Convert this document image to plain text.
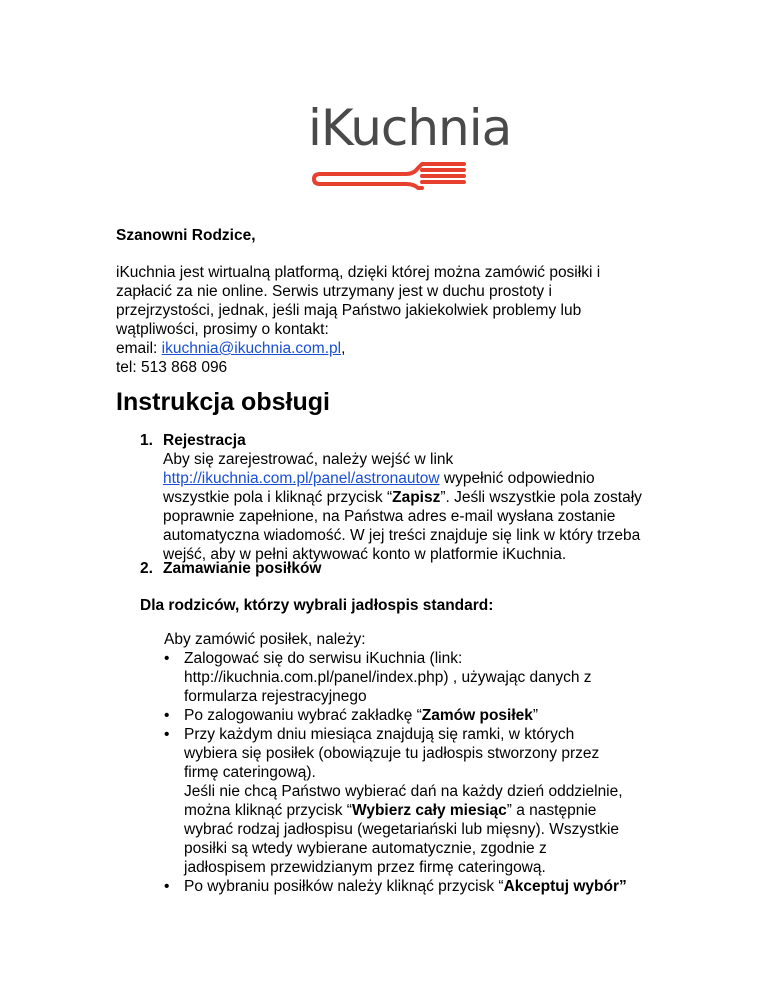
iKuchnia
Szanowni Rodzice,
iKuchnia jest wirtualną platformą, dzięki której można zamówić posiłki i
zapłacić za nie online. Serwis utrzymany jest w duchu prostoty i
przejrzystości, jednak, jeśli mają Państwo jakiekolwiek problemy lub
wątpliwości, prosimy o kontakt:
email: ikuchnia@ikuchnia.com.pl,
tel: 513 868 096
Instrukcja obsługi
1. Rejestracja
Aby się zarejestrować, należy wejść w link
http://ikuchnia.com.pl/panel/astronautow wypełnić odpowiednio
wszystkie pola i kliknąć przycisk “Zapisz”. Jeśli wszystkie pola zostały
poprawnie zapełnione, na Państwa adres e-mail wysłana zostanie
automatyczna wiadomość. W jej treści znajduje się link w który trzeba
wejść, aby w pełni aktywować konto w platformie iKuchnia.
2. Zamawianie posiłków
Dla rodziców, którzy wybrali jadłospis standard:
Aby zamówić posiłek, należy:
• Zalogować się do serwisu iKuchnia (link:
http://ikuchnia.com.pl/panel/index.php) , używając danych z
formularza rejestracyjnego
• Po zalogowaniu wybrać zakładkę “Zamów posiłek”
• Przy każdym dniu miesiąca znajdują się ramki, w których
wybiera się posiłek (obowiązuje tu jadłospis stworzony przez
firmę cateringową).
Jeśli nie chcą Państwo wybierać dań na każdy dzień oddzielnie,
można kliknąć przycisk “Wybierz cały miesiąc” a następnie
wybrać rodzaj jadłospisu (wegetariański lub mięsny). Wszystkie
posiłki są wtedy wybierane automatycznie, zgodnie z
jadłospisem przewidzianym przez firmę cateringową.
• Po wybraniu posiłków należy kliknąć przycisk “Akceptuj wybór”
